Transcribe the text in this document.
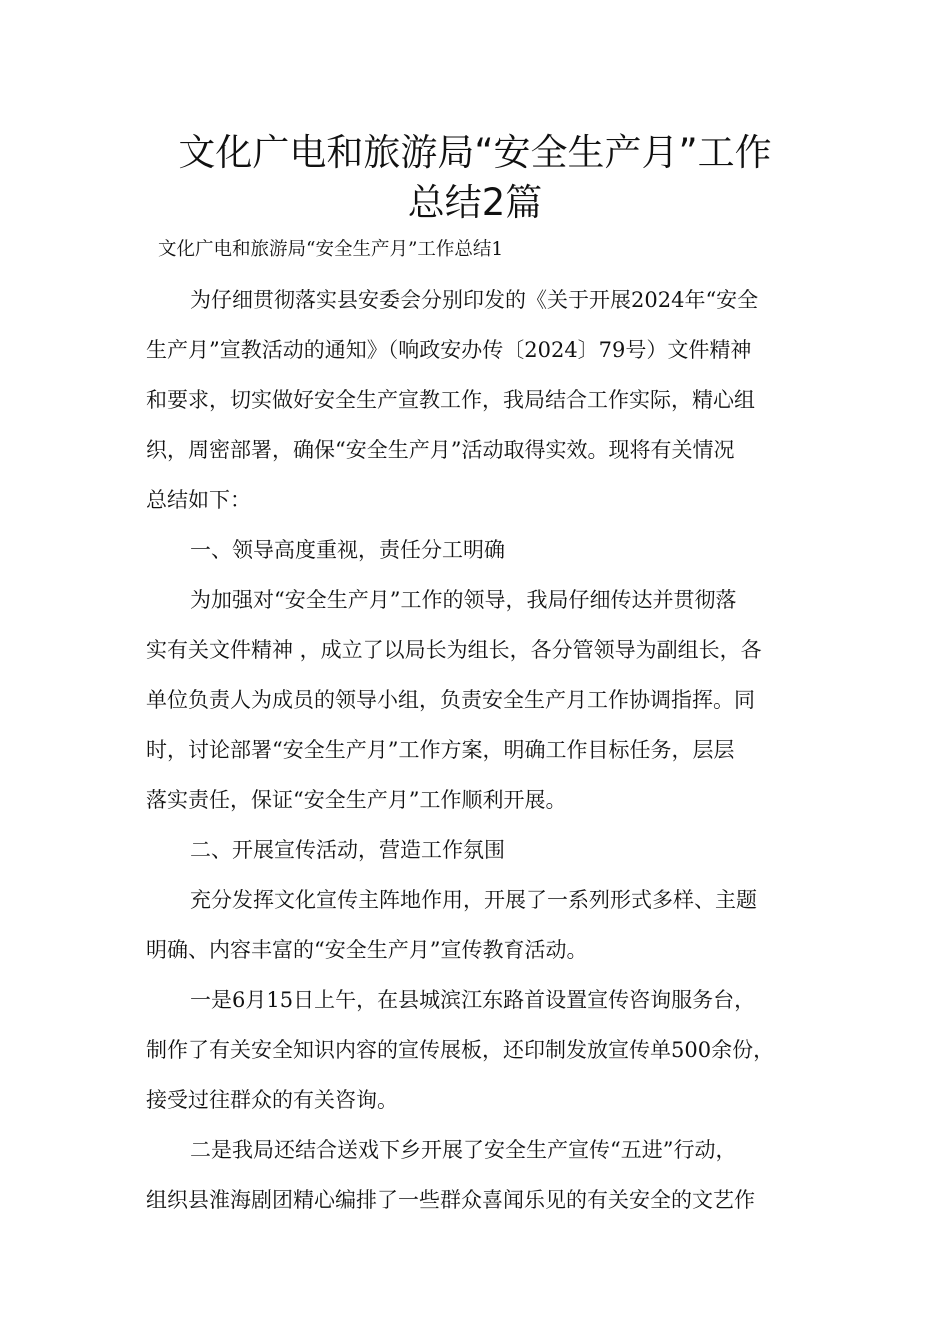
文化广电和旅游局“安全生产月”工作
总结2篇
文化广电和旅游局“安全生产月”工作总结1
为仔细贯彻落实县安委会分别印发的《关于开展2024年“安全
生产月”宣教活动的通知》（响政安办传〔2024〕79号）文件精神
和要求，切实做好安全生产宣教工作，我局结合工作实际，精心组
织，周密部署，确保“安全生产月”活动取得实效。现将有关情况
总结如下：
一、领导高度重视，责任分工明确
为加强对“安全生产月”工作的领导，我局仔细传达并贯彻落
实有关文件精神 ，成立了以局长为组长，各分管领导为副组长，各
单位负责人为成员的领导小组，负责安全生产月工作协调指挥。同
时，讨论部署“安全生产月”工作方案，明确工作目标任务，层层
落实责任，保证“安全生产月”工作顺利开展。
二、开展宣传活动，营造工作氛围
充分发挥文化宣传主阵地作用，开展了一系列形式多样、主题
明确、内容丰富的“安全生产月”宣传教育活动。
一是6月15日上午，在县城滨江东路首设置宣传咨询服务台，
制作了有关安全知识内容的宣传展板，还印制发放宣传单500余份，
接受过往群众的有关咨询。
二是我局还结合送戏下乡开展了安全生产宣传“五进”行动，
组织县淮海剧团精心编排了一些群众喜闻乐见的有关安全的文艺作
